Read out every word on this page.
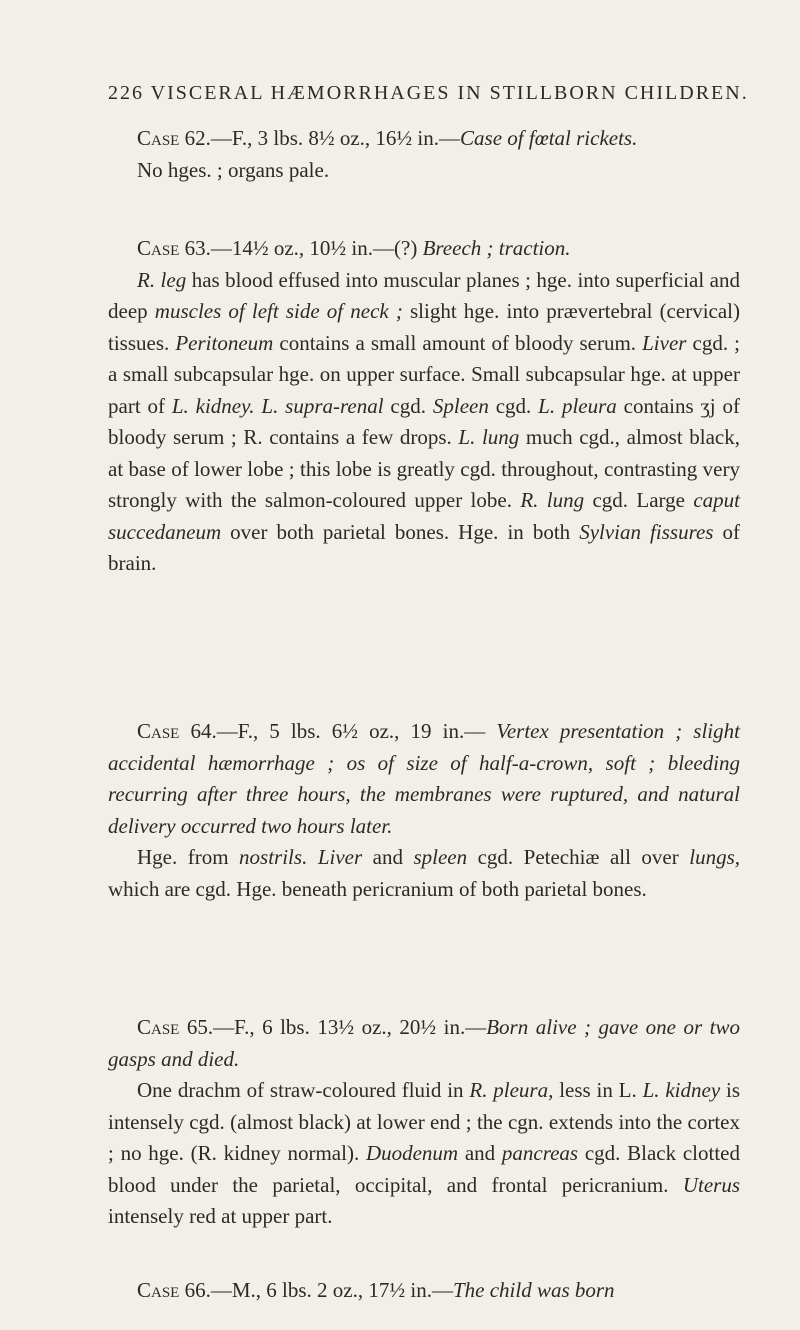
226 VISCERAL HÆMORRHAGES IN STILLBORN CHILDREN.

Case 62.—F., 3 lbs. 8½ oz., 16½ in.—Case of fœtal rickets.

No hges. ; organs pale.

Case 63.—14½ oz., 10½ in.—(?) Breech ; traction.

R. leg has blood effused into muscular planes ; hge. into superficial and deep muscles of left side of neck ; slight hge. into prævertebral (cervical) tissues. Peritoneum contains a small amount of bloody serum. Liver cgd. ; a small subcapsular hge. on upper surface. Small subcapsular hge. at upper part of L. kidney. L. supra-renal cgd. Spleen cgd. L. pleura contains ʒj of bloody serum ; R. contains a few drops. L. lung much cgd., almost black, at base of lower lobe ; this lobe is greatly cgd. throughout, contrasting very strongly with the salmon-coloured upper lobe. R. lung cgd. Large caput succedaneum over both parietal bones. Hge. in both Sylvian fissures of brain.

Case 64.—F., 5 lbs. 6½ oz., 19 in.— Vertex presentation ; slight accidental hæmorrhage ; os of size of half-a-crown, soft ; bleeding recurring after three hours, the membranes were ruptured, and natural delivery occurred two hours later.

Hge. from nostrils. Liver and spleen cgd. Petechiæ all over lungs, which are cgd. Hge. beneath pericranium of both parietal bones.

Case 65.—F., 6 lbs. 13½ oz., 20½ in.—Born alive ; gave one or two gasps and died.

One drachm of straw-coloured fluid in R. pleura, less in L. L. kidney is intensely cgd. (almost black) at lower end ; the cgn. extends into the cortex ; no hge. (R. kidney normal). Duodenum and pancreas cgd. Black clotted blood under the parietal, occipital, and frontal pericranium. Uterus intensely red at upper part.

Case 66.—M., 6 lbs. 2 oz., 17½ in.—The child was born
